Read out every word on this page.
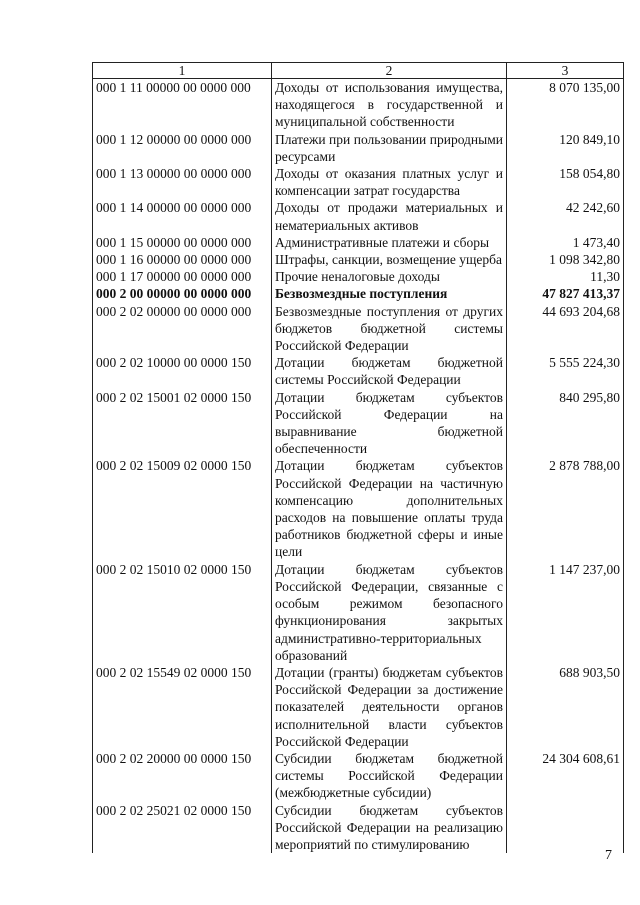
1	2	3
000 1 11 00000 00 0000 000	Доходы от использования имущества, находящегося в государственной и муниципальной собственности	8 070 135,00
000 1 12 00000 00 0000 000	Платежи при пользовании природными ресурсами	120 849,10
000 1 13 00000 00 0000 000	Доходы от оказания платных услуг и компенсации затрат государства	158 054,80
000 1 14 00000 00 0000 000	Доходы от продажи материальных и нематериальных активов	42 242,60
000 1 15 00000 00 0000 000	Административные платежи и сборы	1 473,40
000 1 16 00000 00 0000 000	Штрафы, санкции, возмещение ущерба	1 098 342,80
000 1 17 00000 00 0000 000	Прочие неналоговые доходы	11,30
000 2 00 00000 00 0000 000	Безвозмездные поступления	47 827 413,37
000 2 02 00000 00 0000 000	Безвозмездные поступления от других бюджетов бюджетной системы Российской Федерации	44 693 204,68
000 2 02 10000 00 0000 150	Дотации бюджетам бюджетной системы Российской Федерации	5 555 224,30
000 2 02 15001 02 0000 150	Дотации бюджетам субъектов Российской Федерации на выравнивание бюджетной обеспеченности	840 295,80
000 2 02 15009 02 0000 150	Дотации бюджетам субъектов Российской Федерации на частичную компенсацию дополнительных расходов на повышение оплаты труда работников бюджетной сферы и иные цели	2 878 788,00
000 2 02 15010 02 0000 150	Дотации бюджетам субъектов Российской Федерации, связанные с особым режимом безопасного функционирования закрытых административно-территориальных образований	1 147 237,00
000 2 02 15549 02 0000 150	Дотации (гранты) бюджетам субъектов Российской Федерации за достижение показателей деятельности органов исполнительной власти субъектов Российской Федерации	688 903,50
000 2 02 20000 00 0000 150	Субсидии бюджетам бюджетной системы Российской Федерации (межбюджетные субсидии)	24 304 608,61
000 2 02 25021 02 0000 150	Субсидии бюджетам субъектов Российской Федерации на реализацию мероприятий по стимулированию	
7
